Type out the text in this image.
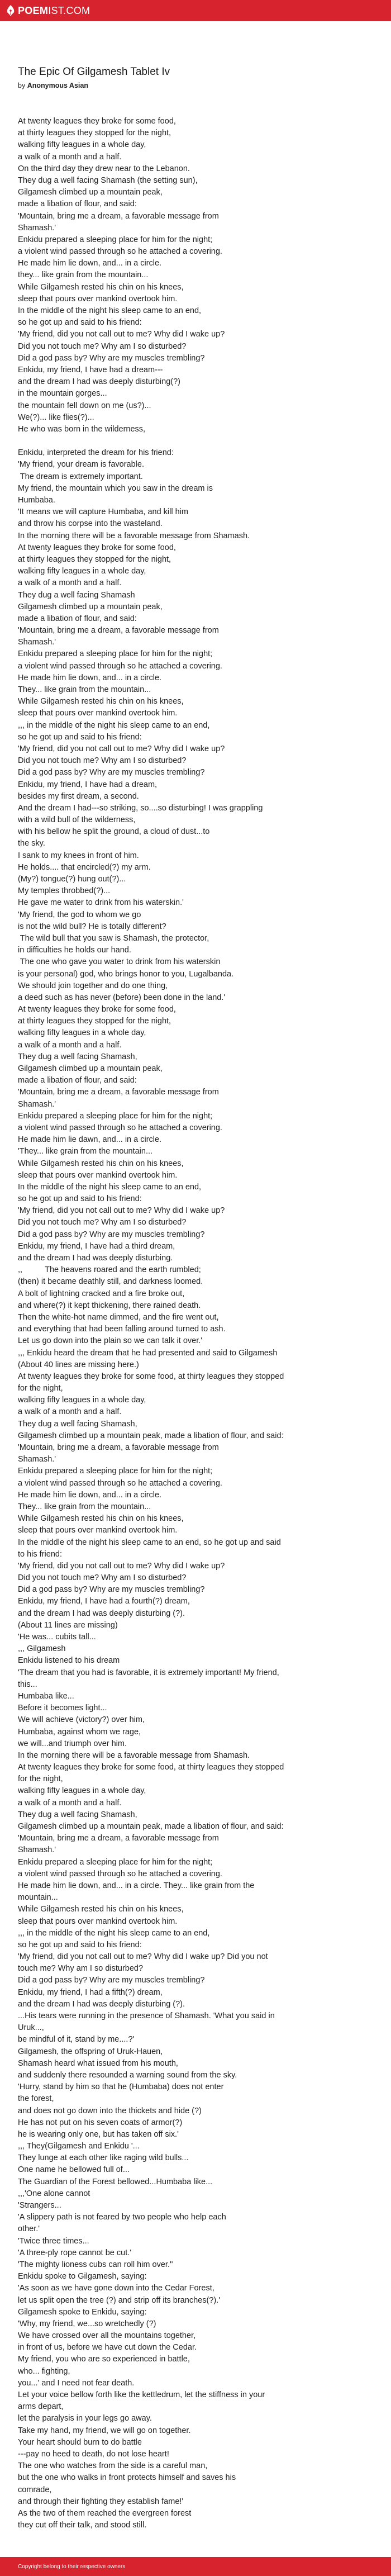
POEMIST.COM
The Epic Of Gilgamesh Tablet Iv
by Anonymous Asian
At twenty leagues they broke for some food,
at thirty leagues they stopped for the night,
walking fifty leagues in a whole day,
a walk of a month and a half.
On the third day they drew near to the Lebanon.
They dug a well facing Shamash (the setting sun),
Gilgamesh climbed up a mountain peak,
made a libation of flour, and said:
'Mountain, bring me a dream, a favorable message from
Shamash.'
Enkidu prepared a sleeping place for him for the night;
a violent wind passed through so he attached a covering.
He made him lie down, and... in a circle.
they... like grain from the mountain...
While Gilgamesh rested his chin on his knees,
sleep that pours over mankind overtook him.
In the middle of the night his sleep came to an end,
so he got up and said to his friend:
'My friend, did you not call out to me? Why did I wake up?
Did you not touch me? Why am I so disturbed?
Did a god pass by? Why are my muscles trembling?
Enkidu, my friend, I have had a dream---
and the dream I had was deeply disturbing(?)
in the mountain gorges...
the mountain fell down on me (us?)...
We(?)... like flies(?)...
He who was born in the wilderness,
Enkidu, interpreted the dream for his friend:
'My friend, your dream is favorable.
The dream is extremely important.
My friend, the mountain which you saw in the dream is
Humbaba.
'It means we will capture Humbaba, and kill him
and throw his corpse into the wasteland.
In the morning there will be a favorable message from Shamash.
At twenty leagues they broke for some food,
at thirty leagues they stopped for the night,
walking fifty leagues in a whole day,
a walk of a month and a half.
They dug a well facing Shamash
Gilgamesh climbed up a mountain peak,
made a libation of flour, and said:
'Mountain, bring me a dream, a favorable message from
Shamash.'
Enkidu prepared a sleeping place for him for the night;
a violent wind passed through so he attached a covering.
He made him lie down, and... in a circle.
They... like grain from the mountain...
While Gilgamesh rested his chin on his knees,
sleep that pours over mankind overtook him.
,,, in the middle of the night his sleep came to an end,
so he got up and said to his friend:
'My friend, did you not call out to me? Why did I wake up?
Did you not touch me? Why am I so disturbed?
Did a god pass by? Why are my muscles trembling?
Enkidu, my friend, I have had a dream,
besides my first dream, a second.
And the dream I had---so striking, so....so disturbing! I was grappling
with a wild bull of the wilderness,
with his bellow he split the ground, a cloud of dust...to
the sky.
I sank to my knees in front of him.
He holds.... that encircled(?) my arm.
(My?) tongue(?) hung out(?)...
My temples throbbed(?)...
He gave me water to drink from his waterskin.'
'My friend, the god to whom we go
is not the wild bull? He is totally different?
The wild bull that you saw is Shamash, the protector,
in difficulties he holds our hand.
The one who gave you water to drink from his waterskin
is your personal) god, who brings honor to you, Lugalbanda.
We should join together and do one thing,
a deed such as has never (before) been done in the land.'
At twenty leagues they broke for some food,
at thirty leagues they stopped for the night,
walking fifty leagues in a whole day,
a walk of a month and a half.
They dug a well facing Shamash,
Gilgamesh climbed up a mountain peak,
made a libation of flour, and said:
'Mountain, bring me a dream, a favorable message from
Shamash.'
Enkidu prepared a sleeping place for him for the night;
a violent wind passed through so he attached a covering.
He made him lie dawn, and... in a circle.
'They... like grain from the mountain...
While Gilgamesh rested his chin on his knees,
sleep that pours over mankind overtook him.
In the middle of the night his sleep came to an end,
so he got up and said to his friend:
'My friend, did you not call out to me? Why did I wake up?
Did you not touch me? Why am I so disturbed?
Did a god pass by? Why are my muscles trembling?
Enkidu, my friend, I have had a third dream,
and the dream I had was deeply disturbing.
,,          The heavens roared and the earth rumbled;
(then) it became deathly still, and darkness loomed.
A bolt of lightning cracked and a fire broke out,
and where(?) it kept thickening, there rained death.
Then the white-hot name dimmed, and the fire went out,
and everything that had been falling around turned to ash.
Let us go down into the plain so we can talk it over.'
,,, Enkidu heard the dream that he had presented and said to Gilgamesh
(About 40 lines are missing here.)
At twenty leagues they broke for some food, at thirty leagues they stopped
for the night,
walking fifty leagues in a whole day,
a walk of a month and a half.
They dug a well facing Shamash,
Gilgamesh climbed up a mountain peak, made a libation of flour, and said:
'Mountain, bring me a dream, a favorable message from
Shamash.'
Enkidu prepared a sleeping place for him for the night;
a violent wind passed through so he attached a covering.
He made him lie down, and... in a circle.
They... like grain from the mountain...
While Gilgamesh rested his chin on his knees,
sleep that pours over mankind overtook him.
In the middle of the night his sleep came to an end, so he got up and said
to his friend:
'My friend, did you not call out to me? Why did I wake up?
Did you not touch me? Why am I so disturbed?
Did a god pass by? Why are my muscles trembling?
Enkidu, my friend, I have had a fourth(?) dream,
and the dream I had was deeply disturbing (?).
(About 11 lines are missing)
'He was... cubits tall...
,,, Gilgamesh
Enkidu listened to his dream
'The dream that you had is favorable, it is extremely important! My friend,
this...
Humbaba like...
Before it becomes light...
We will achieve (victory?) over him,
Humbaba, against whom we rage,
we will...and triumph over him.
In the morning there will be a favorable message from Shamash.
At twenty leagues they broke for some food, at thirty leagues they stopped
for the night,
walking fifty leagues in a whole day,
a walk of a month and a half.
They dug a well facing Shamash,
Gilgamesh climbed up a mountain peak, made a libation of flour, and said:
'Mountain, bring me a dream, a favorable message from
Shamash.'
Enkidu prepared a sleeping place for him for the night;
a violent wind passed through so he attached a covering.
He made him lie down, and... in a circle. They... like grain from the
mountain...
While Gilgamesh rested his chin on his knees,
sleep that pours over mankind overtook him.
,,, in the middle of the night his sleep came to an end,
so he got up and said to his friend:
'My friend, did you not call out to me? Why did I wake up? Did you not
touch me? Why am I so disturbed?
Did a god pass by? Why are my muscles trembling?
Enkidu, my friend, I had a fifth(?) dream,
and the dream I had was deeply disturbing (?).
...His tears were running in the presence of Shamash. 'What you said in
Uruk...,
be mindful of it, stand by me....?'
Gilgamesh, the offspring of Uruk-Hauen,
Shamash heard what issued from his mouth,
and suddenly there resounded a warning sound from the sky.
'Hurry, stand by him so that he (Humbaba) does not enter
the forest,
and does not go down into the thickets and hide (?)
He has not put on his seven coats of armor(?)
he is wearing only one, but has taken off six.'
,,, They(Gilgamesh and Enkidu '...
They lunge at each other like raging wild bulls...
One name he bellowed full of...
The Guardian of the Forest bellowed...Humbaba like...
,,,'One alone cannot
'Strangers...
'A slippery path is not feared by two people who help each
other.'
'Twice three times...
'A three-ply rope cannot be cut.'
'The mighty lioness cubs can roll him over.''
Enkidu spoke to Gilgamesh, saying:
'As soon as we have gone down into the Cedar Forest,
let us split open the tree (?) and strip off its branches(?).'
Gilgamesh spoke to Enkidu, saying:
'Why, my friend, we...so wretchedly (?)
We have crossed over all the mountains together,
in front of us, before we have cut down the Cedar.
My friend, you who are so experienced in battle,
who... fighting,
you...' and I need not fear death.
Let your voice bellow forth like the kettledrum, let the stiffness in your
arms depart,
let the paralysis in your legs go away.
Take my hand, my friend, we will go on together.
Your heart should burn to do battle
---pay no heed to death, do not lose heart!
The one who watches from the side is a careful man,
but the one who walks in front protects himself and saves his
comrade,
and through their fighting they establish fame!'
As the two of them reached the evergreen forest
they cut off their talk, and stood still.
Copyright belong to their respective owners
